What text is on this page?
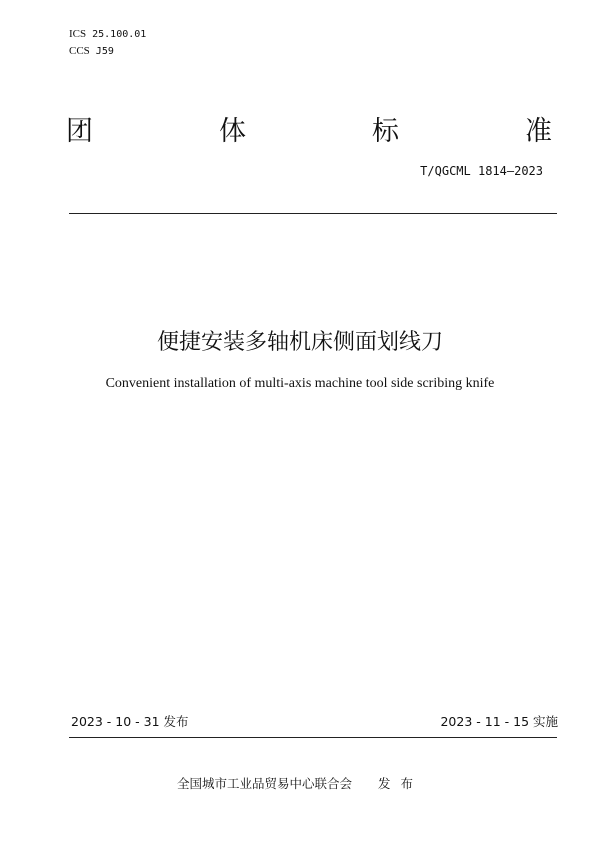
ICS 25.100.01
CCS J59
团	体	标	准
T/QGCML 1814—2023
便捷安装多轴机床侧面划线刀
Convenient installation of multi-axis machine tool side scribing knife
2023 - 10 - 31 发布	2023 - 11 - 15 实施
全国城市工业品贸易中心联合会 发布
